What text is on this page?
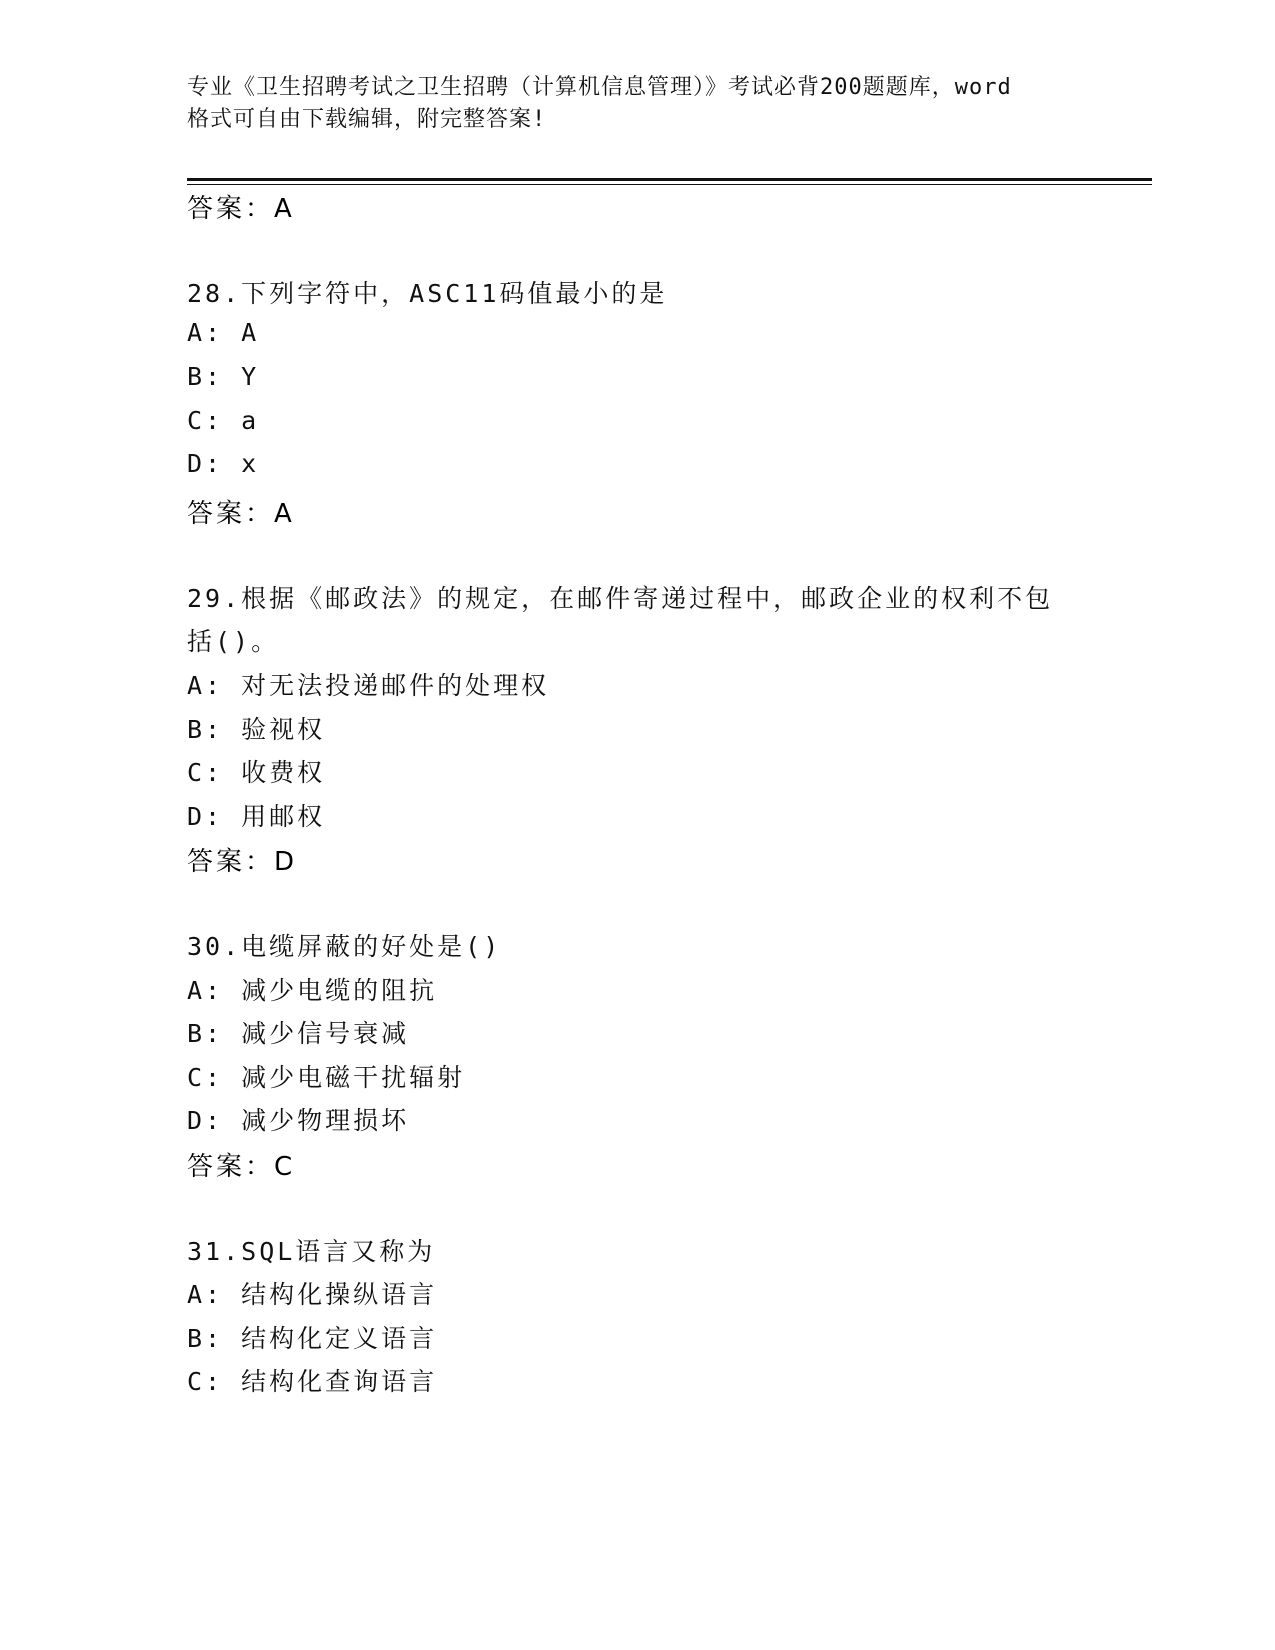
专业《卫生招聘考试之卫生招聘（计算机信息管理）》考试必背200题题库，word
格式可自由下载编辑，附完整答案!
答案：A
28.下列字符中，ASC11码值最小的是
A: A
B: Y
C: a
D: x
答案：A
29.根据《邮政法》的规定，在邮件寄递过程中，邮政企业的权利不包
括()。
A: 对无法投递邮件的处理权
B: 验视权
C: 收费权
D: 用邮权
答案：D
30.电缆屏蔽的好处是()
A: 减少电缆的阻抗
B: 减少信号衰减
C: 减少电磁干扰辐射
D: 减少物理损坏
答案：C
31.SQL语言又称为
A: 结构化操纵语言
B: 结构化定义语言
C: 结构化查询语言
